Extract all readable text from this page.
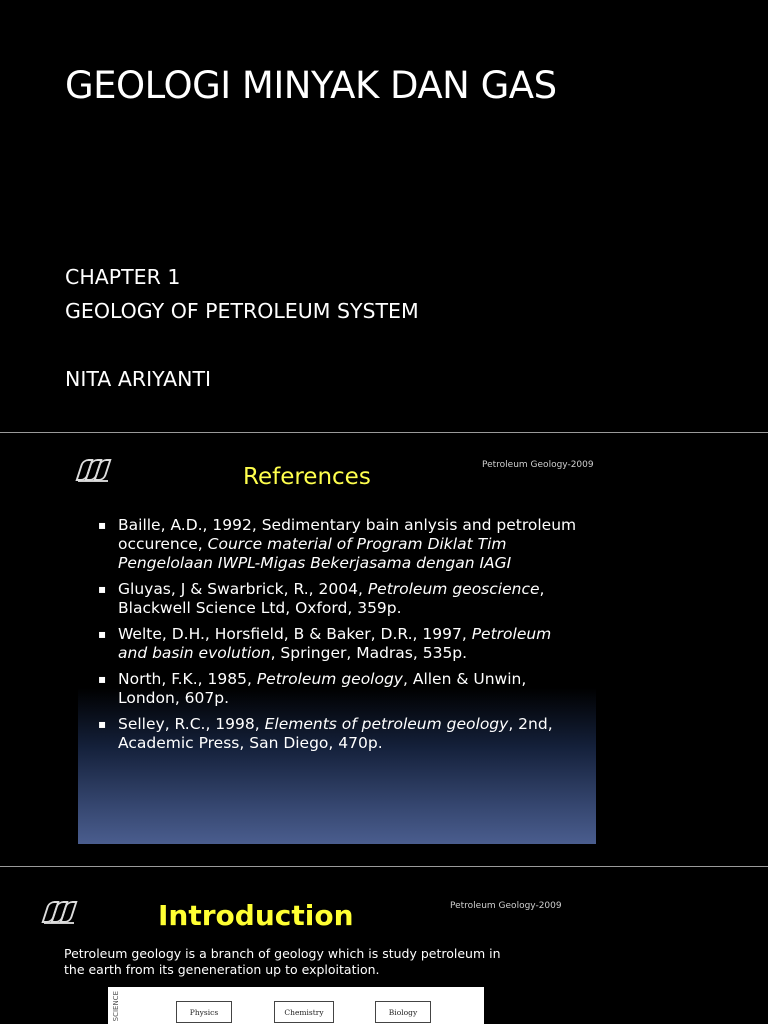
GEOLOGI MINYAK DAN GAS
CHAPTER 1
GEOLOGY OF PETROLEUM SYSTEM
NITA ARIYANTI
Petroleum Geology-2009
References
▪ Baille, A.D., 1992, Sedimentary bain anlysis and petroleum occurence, Cource material of Program Diklat Tim Pengelolaan IWPL-Migas Bekerjasama dengan IAGI
▪ Gluyas, J & Swarbrick, R., 2004, Petroleum geoscience, Blackwell Science Ltd, Oxford, 359p.
▪ Welte, D.H., Horsfield, B & Baker, D.R., 1997, Petroleum and basin evolution, Springer, Madras, 535p.
▪ North, F.K., 1985, Petroleum geology, Allen & Unwin, London, 607p.
▪ Selley, R.C., 1998, Elements of petroleum geology, 2nd, Academic Press, San Diego, 470p.
Petroleum Geology-2009
Introduction
Petroleum geology is a branch of geology which is study petroleum in the earth from its geneneration up to exploitation.
SCIENCE	Physics	Chemistry	Biology
